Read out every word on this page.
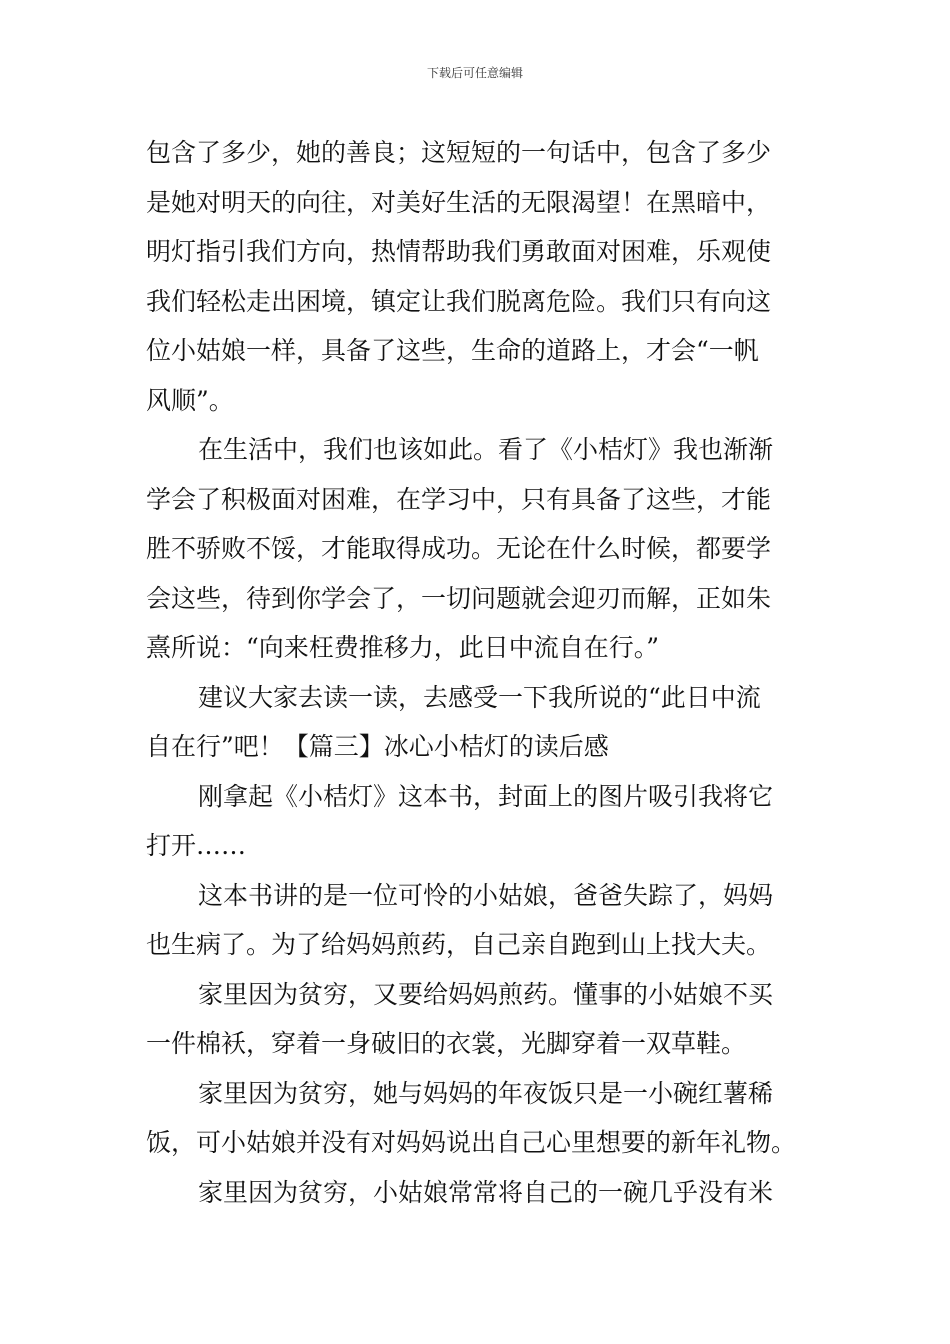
下载后可任意编辑
包含了多少，她的善良；这短短的一句话中，包含了多少
是她对明天的向往，对美好生活的无限渴望！在黑暗中，
明灯指引我们方向，热情帮助我们勇敢面对困难，乐观使
我们轻松走出困境，镇定让我们脱离危险。我们只有向这
位小姑娘一样，具备了这些，生命的道路上，才会“一帆
风顺”。
在生活中，我们也该如此。看了《小桔灯》我也渐渐
学会了积极面对困难，在学习中，只有具备了这些，才能
胜不骄败不馁，才能取得成功。无论在什么时候，都要学
会这些，待到你学会了，一切问题就会迎刃而解，正如朱
熹所说：“向来枉费推移力，此日中流自在行。”
建议大家去读一读，去感受一下我所说的“此日中流
自在行”吧！【篇三】冰心小桔灯的读后感
刚拿起《小桔灯》这本书，封面上的图片吸引我将它
打开……
这本书讲的是一位可怜的小姑娘，爸爸失踪了，妈妈
也生病了。为了给妈妈煎药，自己亲自跑到山上找大夫。
家里因为贫穷，又要给妈妈煎药。懂事的小姑娘不买
一件棉袄，穿着一身破旧的衣裳，光脚穿着一双草鞋。
家里因为贫穷，她与妈妈的年夜饭只是一小碗红薯稀
饭，可小姑娘并没有对妈妈说出自己心里想要的新年礼物。
家里因为贫穷，小姑娘常常将自己的一碗几乎没有米
